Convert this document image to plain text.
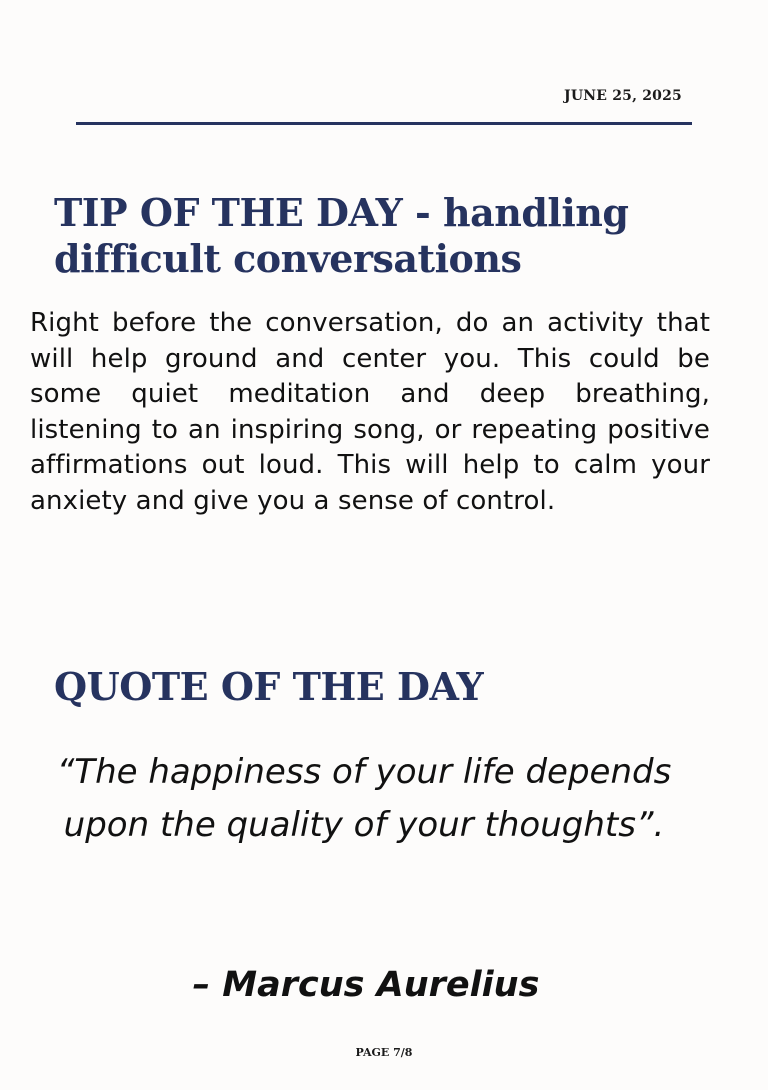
JUNE 25, 2025
TIP OF THE DAY - handling difficult conversations

Right before the conversation, do an activity that will help ground and center you. This could be some quiet meditation and deep breathing, listening to an inspiring song, or repeating positive affirmations out loud. This will help to calm your anxiety and give you a sense of control.

QUOTE OF THE DAY

“The happiness of your life depends upon the quality of your thoughts”.

– Marcus Aurelius

PAGE 7/8
